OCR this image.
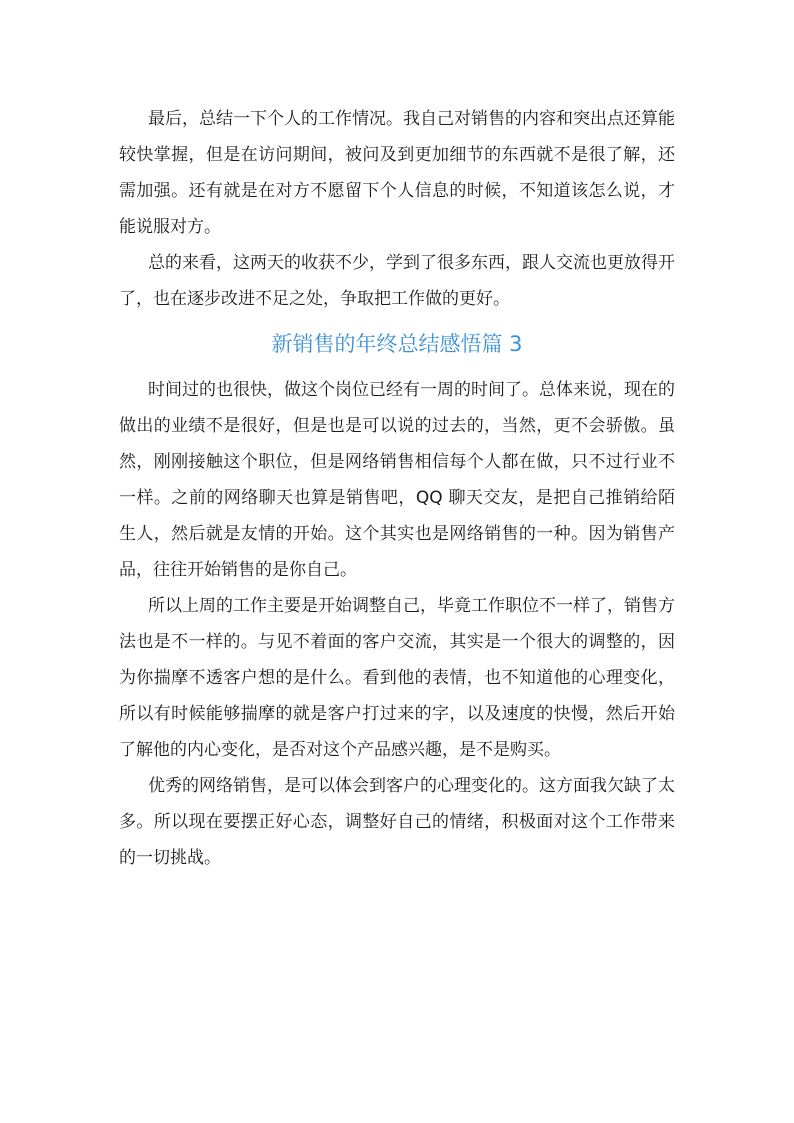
最后，总结一下个人的工作情况。我自己对销售的内容和突出点还算能较快掌握，但是在访问期间，被问及到更加细节的东西就不是很了解，还需加强。还有就是在对方不愿留下个人信息的时候，不知道该怎么说，才能说服对方。

总的来看，这两天的收获不少，学到了很多东西，跟人交流也更放得开了，也在逐步改进不足之处，争取把工作做的更好。

新销售的年终总结感悟篇 3

时间过的也很快，做这个岗位已经有一周的时间了。总体来说，现在的做出的业绩不是很好，但是也是可以说的过去的，当然，更不会骄傲。虽然，刚刚接触这个职位，但是网络销售相信每个人都在做，只不过行业不一样。之前的网络聊天也算是销售吧，QQ 聊天交友，是把自己推销给陌生人，然后就是友情的开始。这个其实也是网络销售的一种。因为销售产品，往往开始销售的是你自己。

所以上周的工作主要是开始调整自己，毕竟工作职位不一样了，销售方法也是不一样的。与见不着面的客户交流，其实是一个很大的调整的，因为你揣摩不透客户想的是什么。看到他的表情，也不知道他的心理变化，所以有时候能够揣摩的就是客户打过来的字，以及速度的快慢，然后开始了解他的内心变化，是否对这个产品感兴趣，是不是购买。

优秀的网络销售，是可以体会到客户的心理变化的。这方面我欠缺了太多。所以现在要摆正好心态，调整好自己的情绪，积极面对这个工作带来的一切挑战。
